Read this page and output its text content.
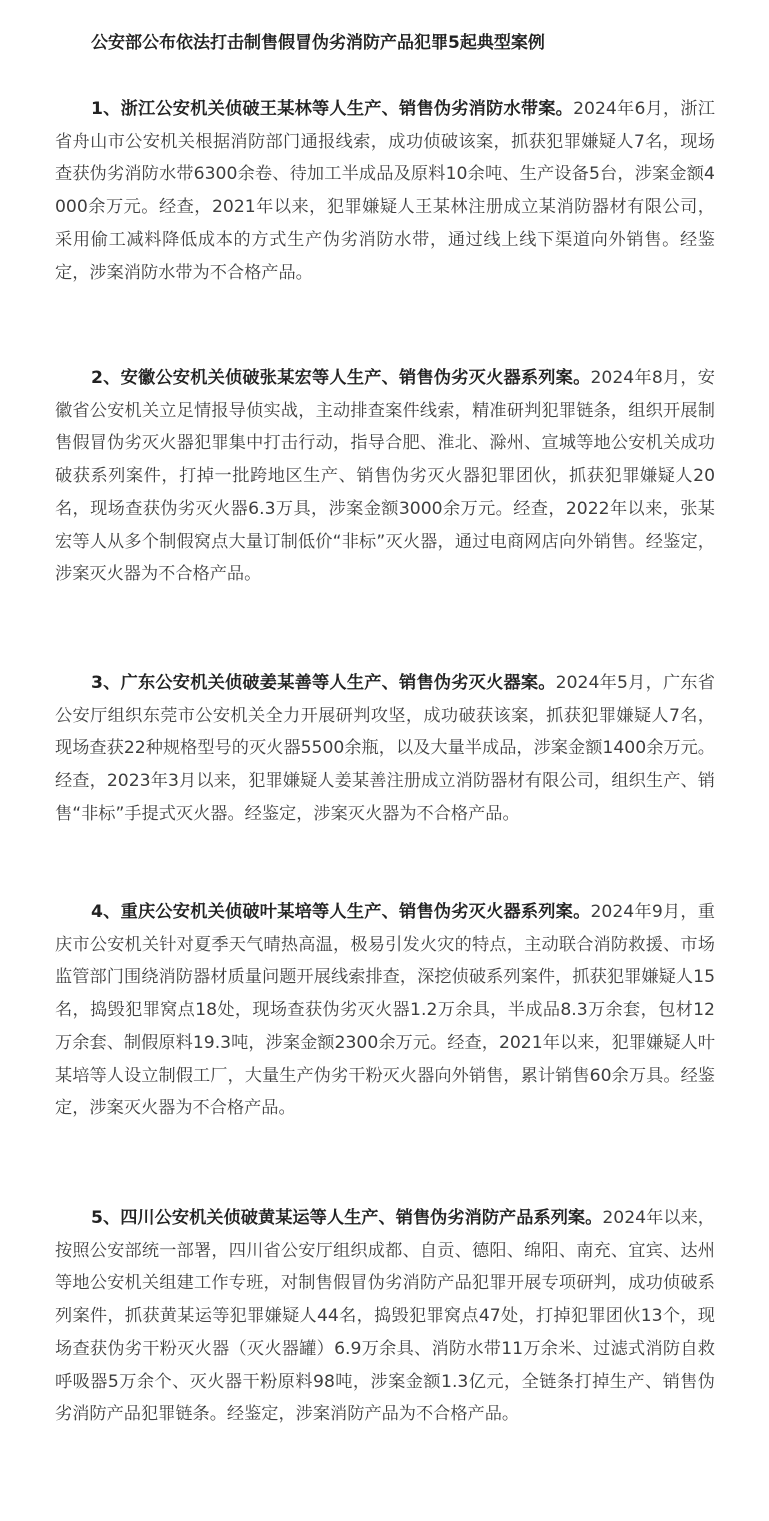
公安部公布依法打击制售假冒伪劣消防产品犯罪5起典型案例

1、浙江公安机关侦破王某林等人生产、销售伪劣消防水带案。2024年6月，浙江省舟山市公安机关根据消防部门通报线索，成功侦破该案，抓获犯罪嫌疑人7名，现场查获伪劣消防水带6300余卷、待加工半成品及原料10余吨、生产设备5台，涉案金额4000余万元。经查，2021年以来，犯罪嫌疑人王某林注册成立某消防器材有限公司，采用偷工减料降低成本的方式生产伪劣消防水带，通过线上线下渠道向外销售。经鉴定，涉案消防水带为不合格产品。

2、安徽公安机关侦破张某宏等人生产、销售伪劣灭火器系列案。2024年8月，安徽省公安机关立足情报导侦实战，主动排查案件线索，精准研判犯罪链条，组织开展制售假冒伪劣灭火器犯罪集中打击行动，指导合肥、淮北、滁州、宣城等地公安机关成功破获系列案件，打掉一批跨地区生产、销售伪劣灭火器犯罪团伙，抓获犯罪嫌疑人20名，现场查获伪劣灭火器6.3万具，涉案金额3000余万元。经查，2022年以来，张某宏等人从多个制假窝点大量订制低价“非标”灭火器，通过电商网店向外销售。经鉴定，涉案灭火器为不合格产品。

3、广东公安机关侦破姜某善等人生产、销售伪劣灭火器案。2024年5月，广东省公安厅组织东莞市公安机关全力开展研判攻坚，成功破获该案，抓获犯罪嫌疑人7名，现场查获22种规格型号的灭火器5500余瓶，以及大量半成品，涉案金额1400余万元。经查，2023年3月以来，犯罪嫌疑人姜某善注册成立消防器材有限公司，组织生产、销售“非标”手提式灭火器。经鉴定，涉案灭火器为不合格产品。

4、重庆公安机关侦破叶某培等人生产、销售伪劣灭火器系列案。2024年9月，重庆市公安机关针对夏季天气晴热高温，极易引发火灾的特点，主动联合消防救援、市场监管部门围绕消防器材质量问题开展线索排查，深挖侦破系列案件，抓获犯罪嫌疑人15名，捣毁犯罪窝点18处，现场查获伪劣灭火器1.2万余具，半成品8.3万余套，包材12万余套、制假原料19.3吨，涉案金额2300余万元。经查，2021年以来，犯罪嫌疑人叶某培等人设立制假工厂，大量生产伪劣干粉灭火器向外销售，累计销售60余万具。经鉴定，涉案灭火器为不合格产品。

5、四川公安机关侦破黄某运等人生产、销售伪劣消防产品系列案。2024年以来，按照公安部统一部署，四川省公安厅组织成都、自贡、德阳、绵阳、南充、宜宾、达州等地公安机关组建工作专班，对制售假冒伪劣消防产品犯罪开展专项研判，成功侦破系列案件，抓获黄某运等犯罪嫌疑人44名，捣毁犯罪窝点47处，打掉犯罪团伙13个，现场查获伪劣干粉灭火器（灭火器罐）6.9万余具、消防水带11万余米、过滤式消防自救呼吸器5万余个、灭火器干粉原料98吨，涉案金额1.3亿元，全链条打掉生产、销售伪劣消防产品犯罪链条。经鉴定，涉案消防产品为不合格产品。
